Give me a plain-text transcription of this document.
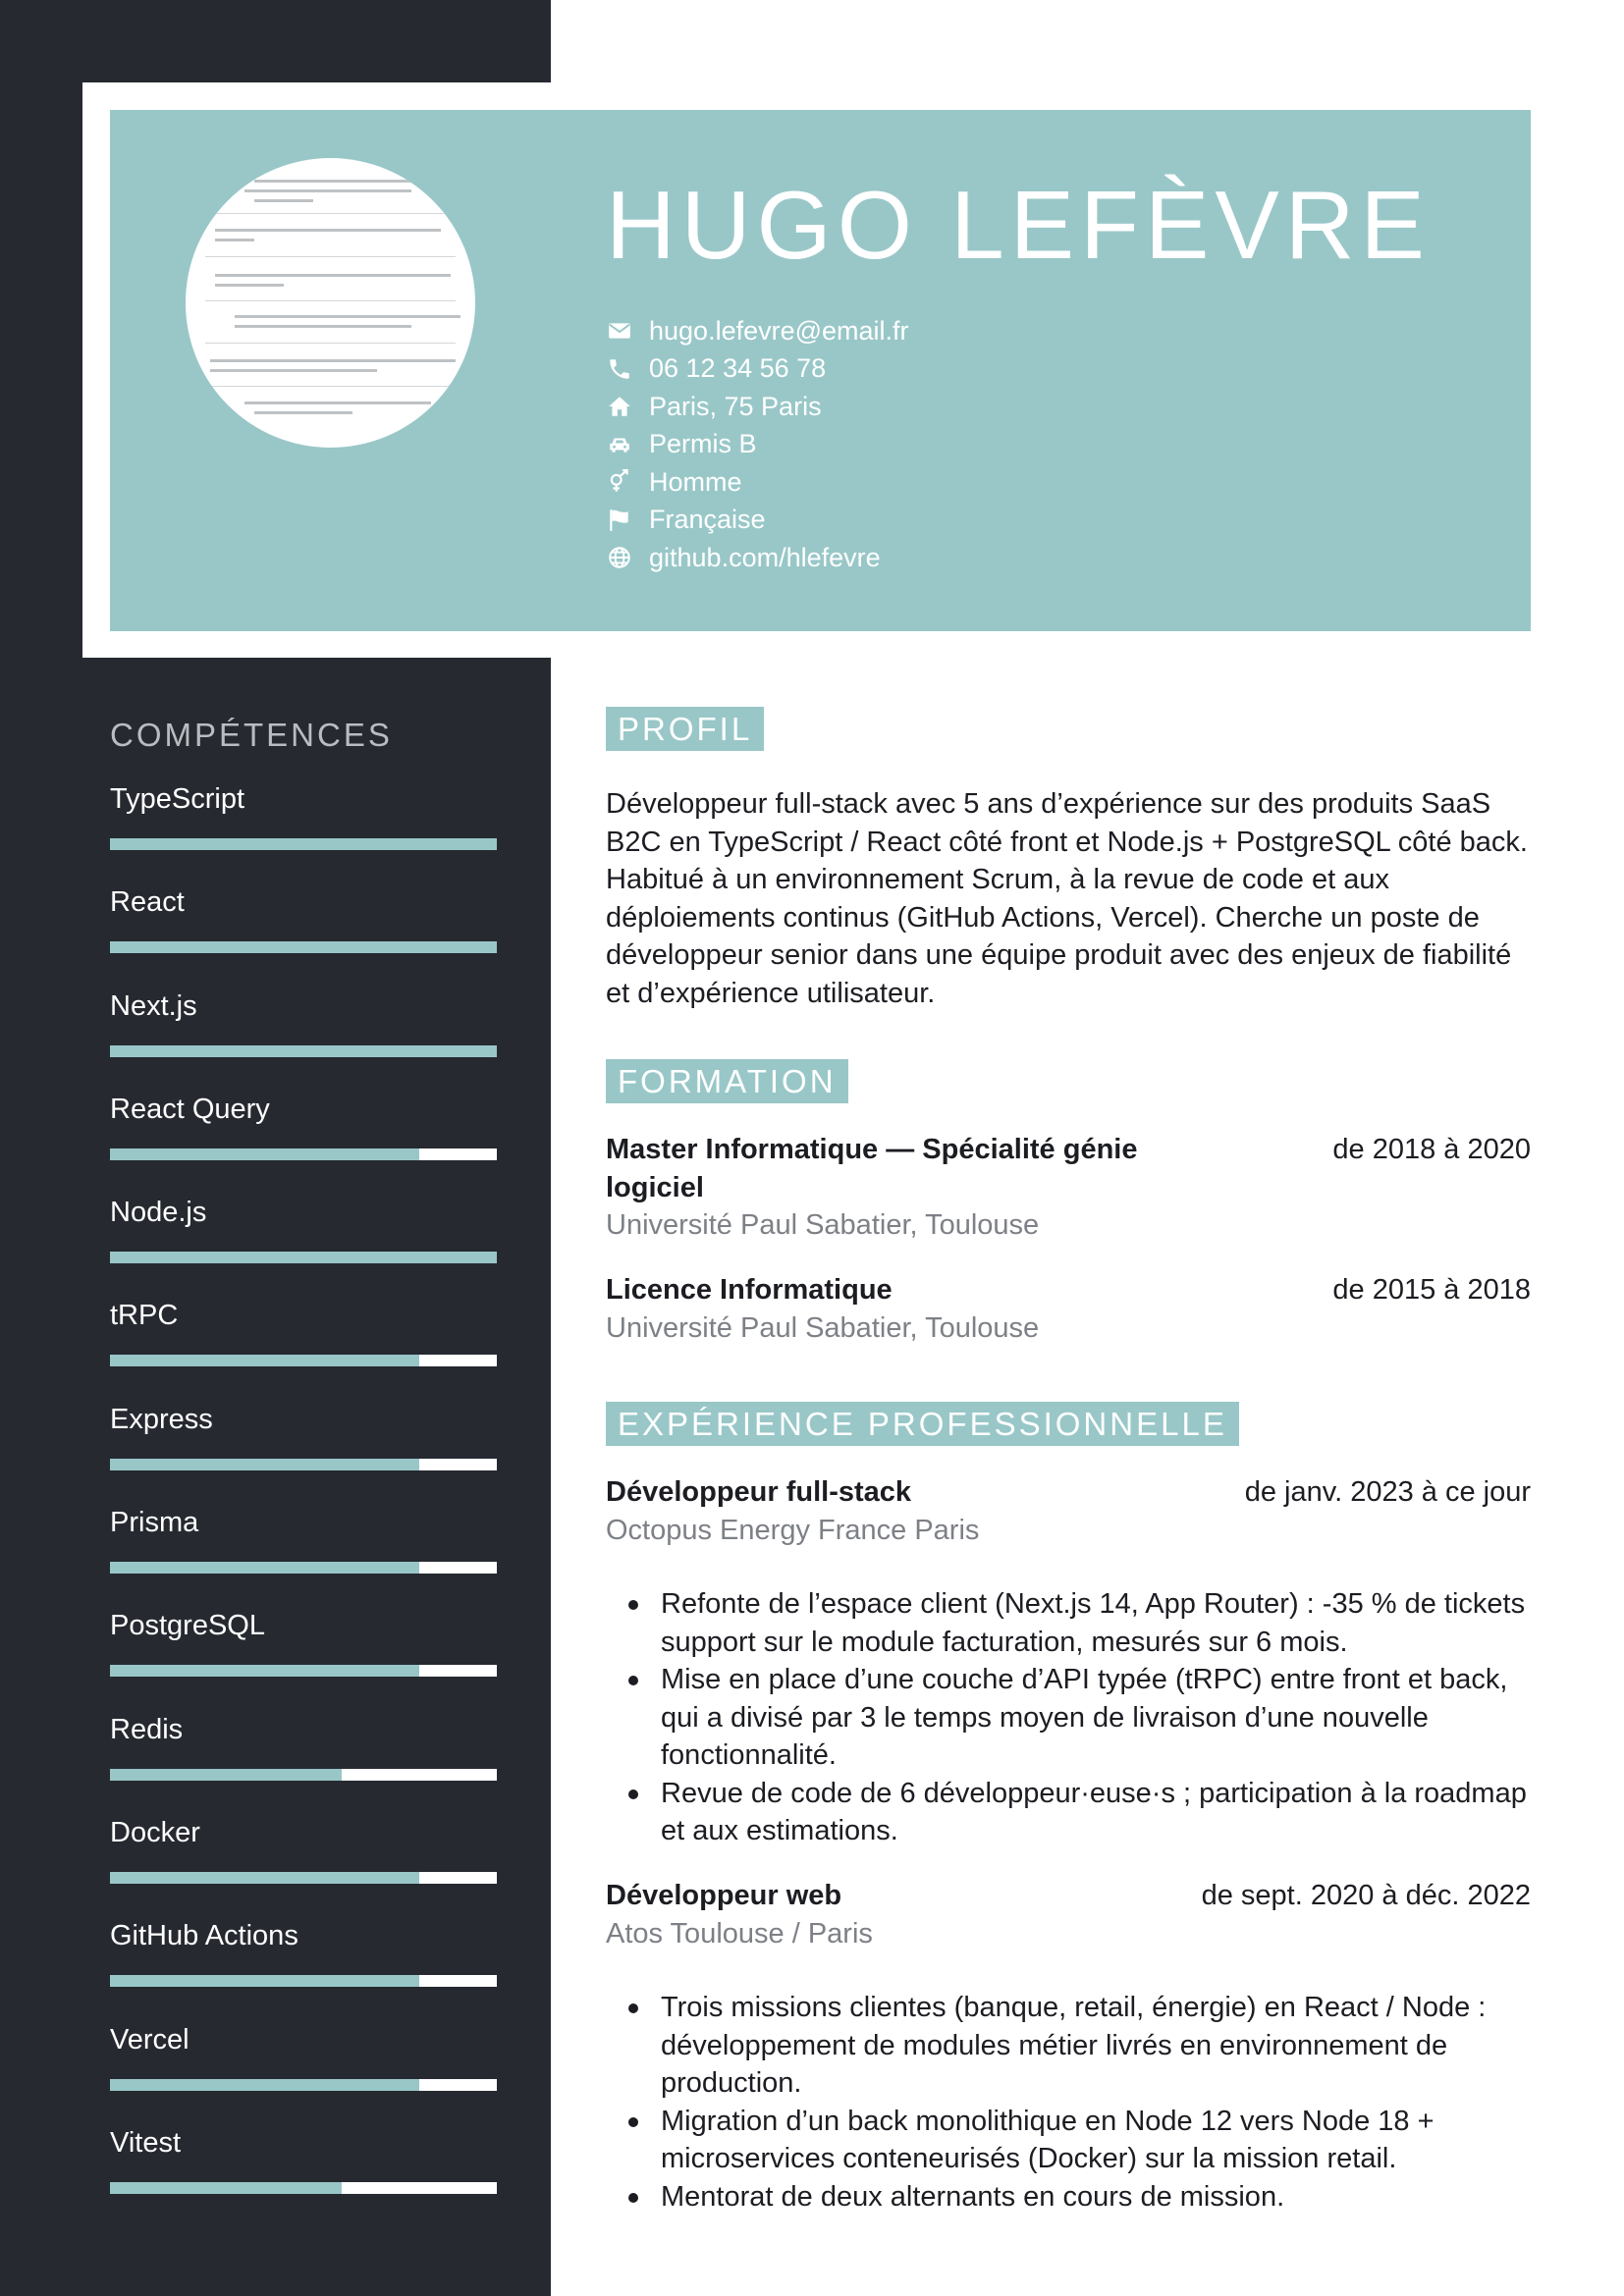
HUGO LEFÈVRE
hugo.lefevre@email.fr
06 12 34 56 78
Paris, 75 Paris
Permis B
Homme
Française
github.com/hlefevre
COMPÉTENCES
TypeScript
React
Next.js
React Query
Node.js
tRPC
Express
Prisma
PostgreSQL
Redis
Docker
GitHub Actions
Vercel
Vitest
PROFIL
Développeur full-stack avec 5 ans d’expérience sur des produits SaaS B2C en TypeScript / React côté front et Node.js + PostgreSQL côté back. Habitué à un environnement Scrum, à la revue de code et aux déploiements continus (GitHub Actions, Vercel). Cherche un poste de développeur senior dans une équipe produit avec des enjeux de fiabilité et d’expérience utilisateur.
FORMATION
Master Informatique — Spécialité génie logiciel
de 2018 à 2020
Université Paul Sabatier, Toulouse
Licence Informatique	de 2015 à 2018
Université Paul Sabatier, Toulouse
EXPÉRIENCE PROFESSIONNELLE
Développeur full-stack	de janv. 2023 à ce jour
Octopus Energy France Paris
Refonte de l’espace client (Next.js 14, App Router) : -35 % de tickets support sur le module facturation, mesurés sur 6 mois.
Mise en place d’une couche d’API typée (tRPC) entre front et back, qui a divisé par 3 le temps moyen de livraison d’une nouvelle fonctionnalité.
Revue de code de 6 développeur·euse·s ; participation à la roadmap et aux estimations.
Développeur web	de sept. 2020 à déc. 2022
Atos Toulouse / Paris
Trois missions clientes (banque, retail, énergie) en React / Node : développement de modules métier livrés en environnement de production.
Migration d’un back monolithique en Node 12 vers Node 18 + microservices conteneurisés (Docker) sur la mission retail.
Mentorat de deux alternants en cours de mission.
